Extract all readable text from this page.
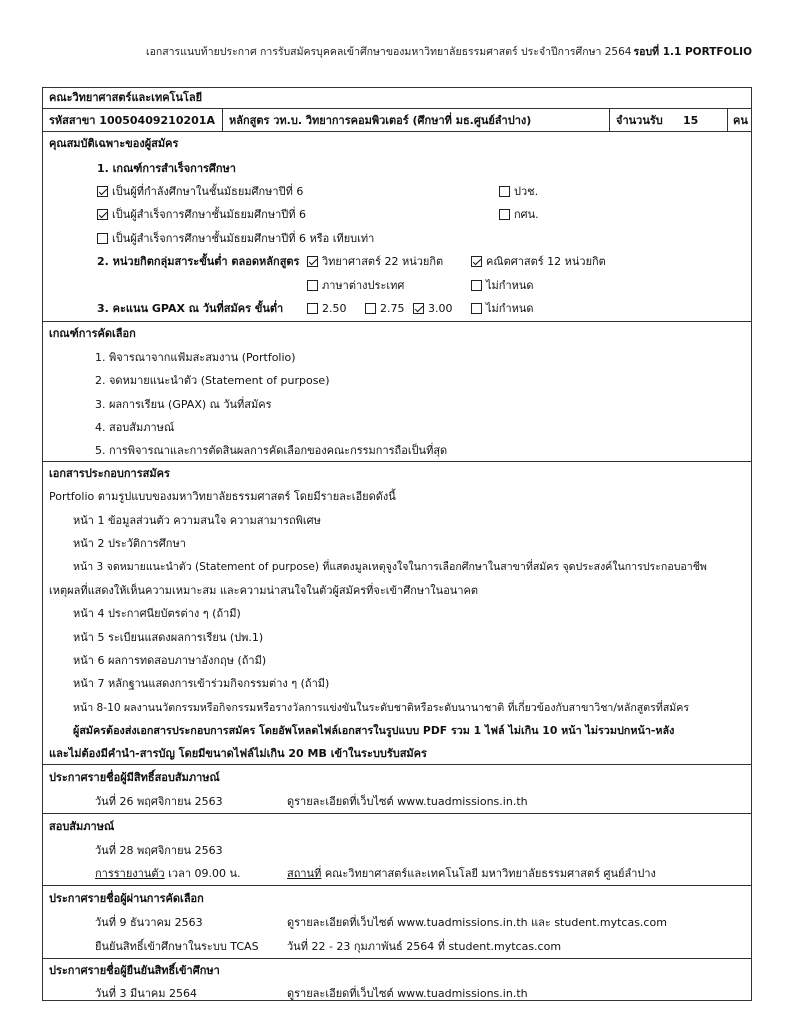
เอกสารแนบท้ายประกาศ การรับสมัครบุคคลเข้าศึกษาของมหาวิทยาลัยธรรมศาสตร์ ประจำปีการศึกษา 2564 รอบที่ 1.1 PORTFOLIO
คณะวิทยาศาสตร์และเทคโนโลยี
รหัสสาขา 10050409210201A หลักสูตร วท.บ. วิทยาการคอมพิวเตอร์ (ศึกษาที่ มธ.ศูนย์ลำปาง)	จำนวนรับ 15	คน
คุณสมบัติเฉพาะของผู้สมัคร
1. เกณฑ์การสำเร็จการศึกษา
เป็นผู้ที่กำลังศึกษาในชั้นมัธยมศึกษาปีที่ 6	ปวช.
เป็นผู้สำเร็จการศึกษาชั้นมัธยมศึกษาปีที่ 6	กศน.
เป็นผู้สำเร็จการศึกษาชั้นมัธยมศึกษาปีที่ 6 หรือ เทียบเท่า
2. หน่วยกิตกลุ่มสาระขั้นต่ำ ตลอดหลักสูตร	วิทยาศาสตร์ 22 หน่วยกิต	คณิตศาสตร์ 12 หน่วยกิต
ภาษาต่างประเทศ	ไม่กำหนด
3. คะแนน GPAX ณ วันที่สมัคร ขั้นต่ำ	2.50	2.75	3.00	ไม่กำหนด
เกณฑ์การคัดเลือก
1. พิจารณาจากแฟ้มสะสมงาน (Portfolio)
2. จดหมายแนะนำตัว (Statement of purpose)
3. ผลการเรียน (GPAX) ณ วันที่สมัคร
4. สอบสัมภาษณ์
5. การพิจารณาและการตัดสินผลการคัดเลือกของคณะกรรมการถือเป็นที่สุด
เอกสารประกอบการสมัคร
Portfolio ตามรูปแบบของมหาวิทยาลัยธรรมศาสตร์ โดยมีรายละเอียดดังนี้
หน้า 1 ข้อมูลส่วนตัว ความสนใจ ความสามารถพิเศษ
หน้า 2 ประวัติการศึกษา
หน้า 3 จดหมายแนะนำตัว (Statement of purpose) ที่แสดงมูลเหตุจูงใจในการเลือกศึกษาในสาขาที่สมัคร จุดประสงค์ในการประกอบอาชีพ
เหตุผลที่แสดงให้เห็นความเหมาะสม และความน่าสนใจในตัวผู้สมัครที่จะเข้าศึกษาในอนาคต
หน้า 4 ประกาศนียบัตรต่าง ๆ (ถ้ามี)
หน้า 5 ระเบียนแสดงผลการเรียน (ปพ.1)
หน้า 6 ผลการทดสอบภาษาอังกฤษ (ถ้ามี)
หน้า 7 หลักฐานแสดงการเข้าร่วมกิจกรรมต่าง ๆ (ถ้ามี)
หน้า 8-10 ผลงานนวัตกรรมหรือกิจกรรมหรือรางวัลการแข่งขันในระดับชาติหรือระดับนานาชาติ ที่เกี่ยวข้องกับสาขาวิชา/หลักสูตรที่สมัคร
ผู้สมัครต้องส่งเอกสารประกอบการสมัคร โดยอัพโหลดไฟล์เอกสารในรูปแบบ PDF รวม 1 ไฟล์ ไม่เกิน 10 หน้า ไม่รวมปกหน้า-หลัง
และไม่ต้องมีคำนำ-สารบัญ โดยมีขนาดไฟล์ไม่เกิน 20 MB เข้าในระบบรับสมัคร
ประกาศรายชื่อผู้มีสิทธิ์สอบสัมภาษณ์
วันที่ 26 พฤศจิกายน 2563	ดูรายละเอียดที่เว็บไซต์ www.tuadmissions.in.th
สอบสัมภาษณ์
วันที่ 28 พฤศจิกายน 2563
การรายงานตัว เวลา 09.00 น.	สถานที่ คณะวิทยาศาสตร์และเทคโนโลยี มหาวิทยาลัยธรรมศาสตร์ ศูนย์ลำปาง
ประกาศรายชื่อผู้ผ่านการคัดเลือก
วันที่ 9 ธันวาคม 2563	ดูรายละเอียดที่เว็บไซต์ www.tuadmissions.in.th และ student.mytcas.com
ยืนยันสิทธิ์เข้าศึกษาในระบบ TCAS	วันที่ 22 - 23 กุมภาพันธ์ 2564 ที่ student.mytcas.com
ประกาศรายชื่อผู้ยืนยันสิทธิ์เข้าศึกษา
วันที่ 3 มีนาคม 2564	ดูรายละเอียดที่เว็บไซต์ www.tuadmissions.in.th
